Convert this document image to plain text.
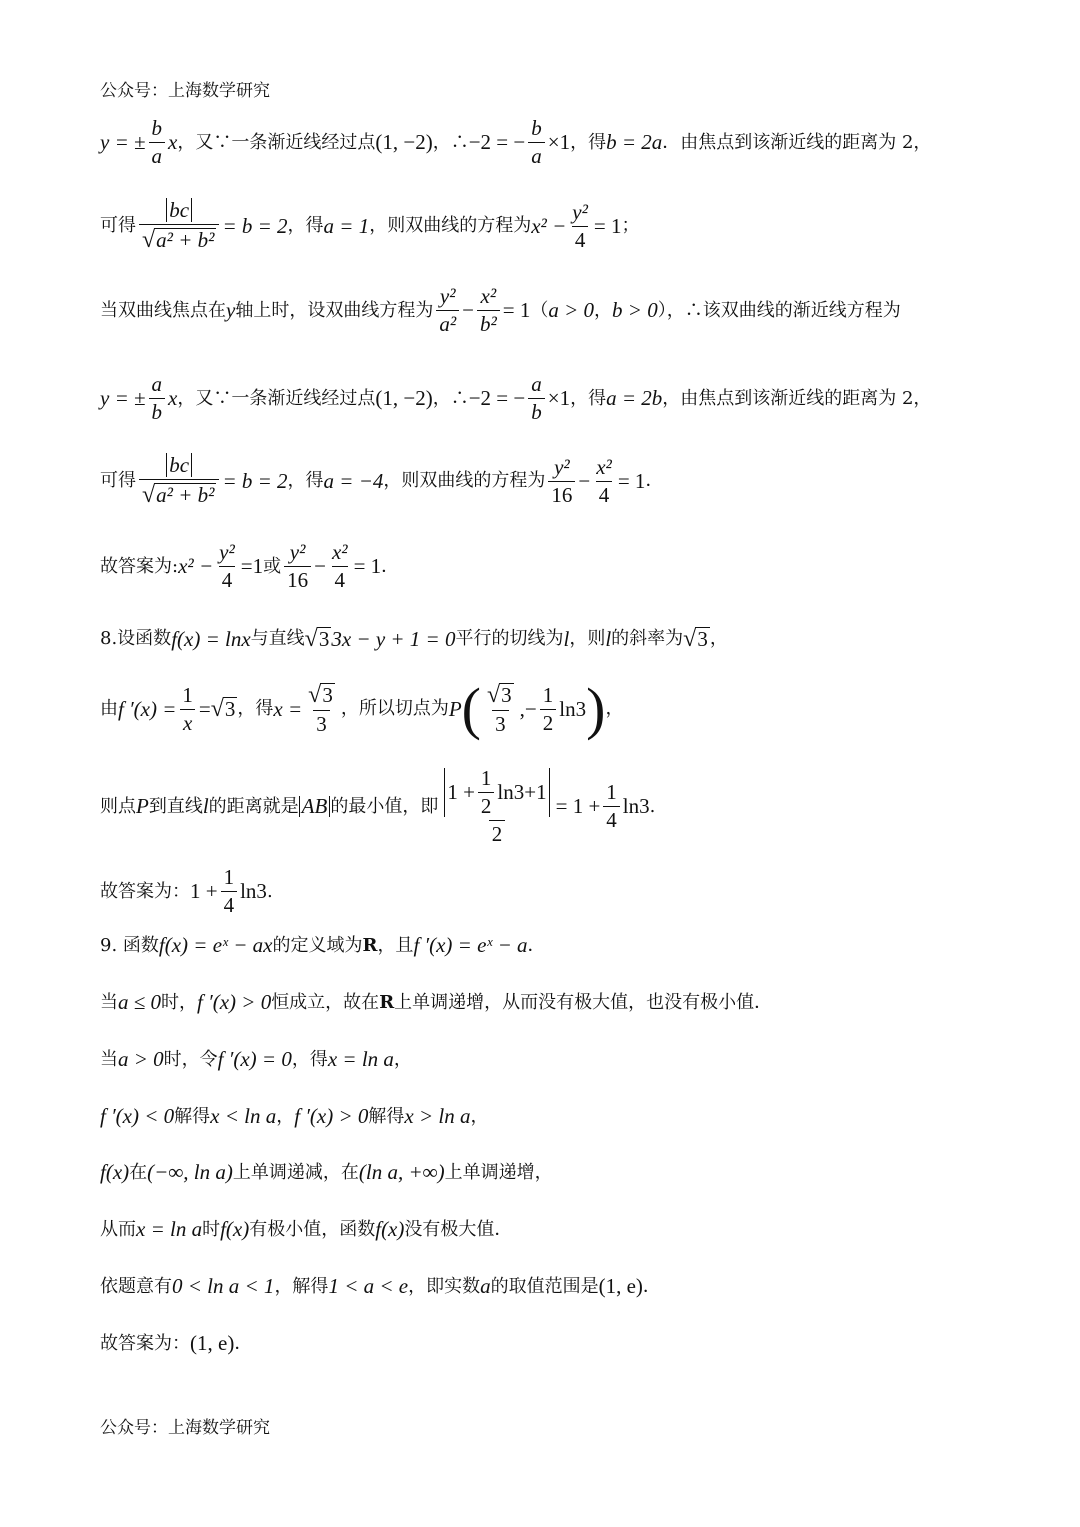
公众号：上海数学研究
y = ± $\frac{b}{a}$ x ，又∵一条渐近线经过点 (1, −2) ，∴ −2 = − $\frac{b}{a} \times 1$ ，得 b = 2a ．由焦点到该渐近线的距离为 2，
可得 $\frac{bc}{\text{√ a² + b²}} = b = 2$ ，得 a = 1 ，则双曲线的方程为 $x^2 - \frac{\text{y²}}{4} = 1$ ；
当双曲线焦点在 y 轴上时，设双曲线方程为 $\frac{\text{y²}}{\text{a²}} - \frac{\text{x²}}{\text{b²}} = 1$ （ a > 0 ， b > 0 ），∴该双曲线的渐近线方程为
y = ± $\frac{a}{b}$ x ，又∵一条渐近线经过点 (1, −2) ，∴ −2 = − $\frac{a}{b} \times 1$ ，得 a = 2b ，由焦点到该渐近线的距离为 2，
可得 $\frac{bc}{\text{√ a² + b²}} = b = 2$ ，得 a = −4 ，则双曲线的方程为 $\frac{\text{y²}}{16} - \frac{\text{x²}}{4} = 1$ ．
故答案为: $x^2 - \frac{\text{y²}}{4} =1$ 或 $\frac{\text{y²}}{16} - \frac{\text{x²}}{4} = 1$ ．
8.设函数 f(x) = lnx 与直线 √ 3 3x − y + 1 = 0 平行的切线为 l ，则 l 的斜率为 √ 3 ，
由 f $'(x) = \frac{1}{x}$ = √ 3 ，得 $x = \frac{√ 3}{3}$ ，所以切点为 P ( $\frac{√ 3}{3}$ , − $\frac{1}{2} \ln 3$ ) ，
则点 P 到直线 l 的距离就是 AB 的最小值，即 $\frac{1 + \frac{1}{2} \ln 3 +1}{2} = 1 + \frac{1}{4} \ln 3$ .
故答案为： $1 + \frac{1}{4} \ln 3$ .
9. 函数 f(x) = eˣ − ax 的定义域为 R ，且 f ′(x) = eˣ − a ．
当 a ≤ 0 时， f ′(x) > 0 恒成立，故在 R 上单调递增，从而没有极大值，也没有极小值．
当 a > 0 时，令 f ′(x) = 0 ，得 x = ln a ，
f ′(x) < 0 解得 x < ln a ， f ′(x) > 0 解得 x > ln a ，
f(x) 在 (−∞, ln a) 上单调递减，在 (ln a, +∞) 上单调递增，
从而 x = ln a 时 f(x) 有极小值，函数 f(x) 没有极大值．
依题意有 0 < ln a < 1 ，解得 1 < a < e ，即实数 a 的取值范围是 (1, e) ．
故答案为： (1, e) ．
公众号：上海数学研究
